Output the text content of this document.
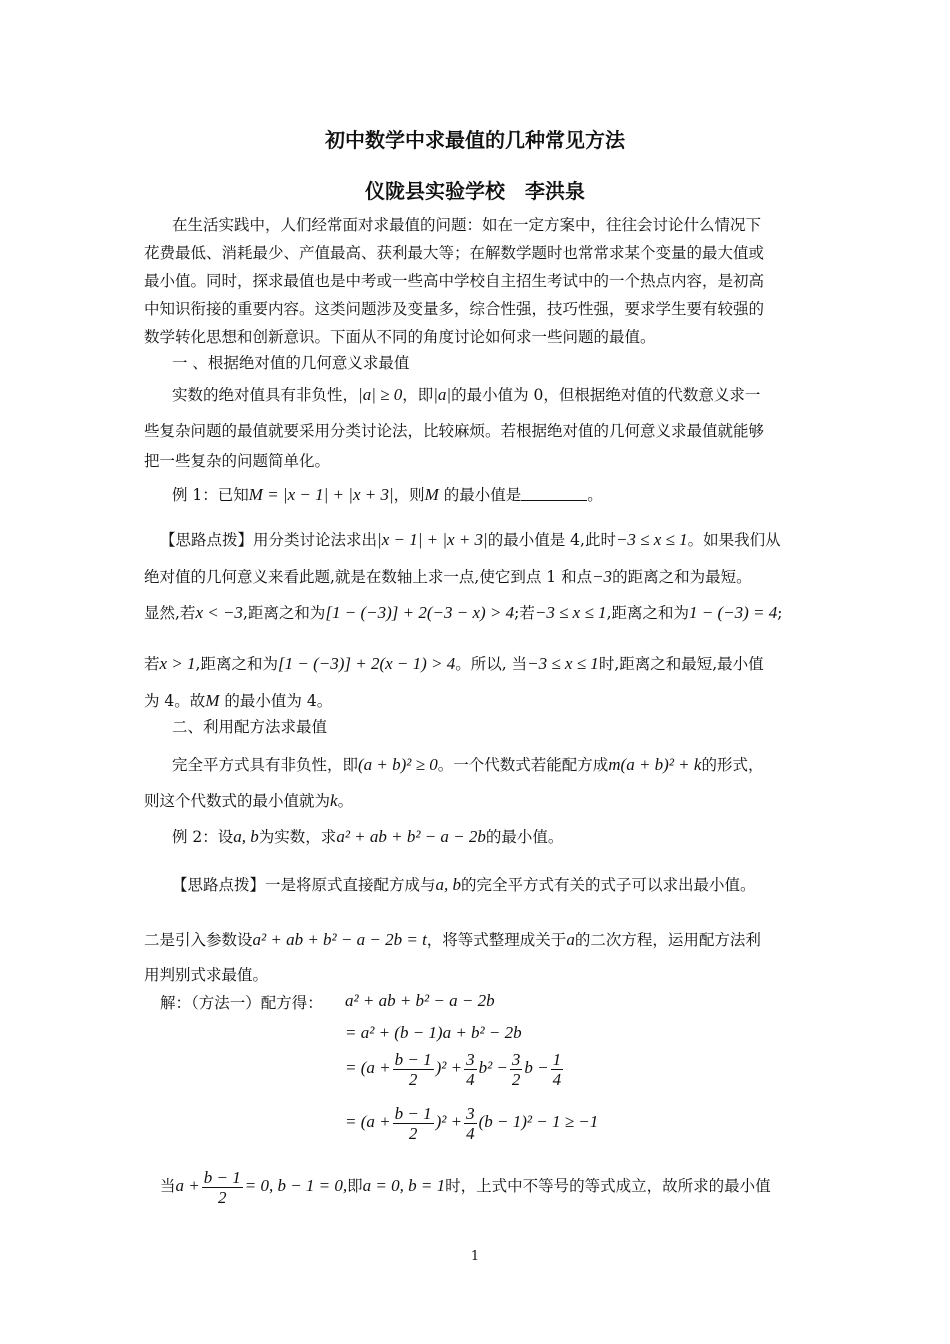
初中数学中求最值的几种常见方法
仪陇县实验学校　李洪泉
在生活实践中，人们经常面对求最值的问题：如在一定方案中，往往会讨论什么情况下
花费最低、消耗最少、产值最高、获利最大等；在解数学题时也常常求某个变量的最大值或
最小值。同时，探求最值也是中考或一些高中学校自主招生考试中的一个热点内容，是初高
中知识衔接的重要内容。这类问题涉及变量多，综合性强，技巧性强，要求学生要有较强的
数学转化思想和创新意识。下面从不同的角度讨论如何求一些问题的最值。
一 、根据绝对值的几何意义求最值
实数的绝对值具有非负性，|a| ≥ 0，即|a|的最小值为 0，但根据绝对值的代数意义求一
些复杂问题的最值就要采用分类讨论法，比较麻烦。若根据绝对值的几何意义求最值就能够
把一些复杂的问题简单化。
例 1：已知M = |x − 1| + |x + 3|，则M 的最小值是	。
【思路点拨】用分类讨论法求出|x − 1| + |x + 3|的最小值是 4,此时−3 ≤ x ≤ 1。如果我们从
绝对值的几何意义来看此题,就是在数轴上求一点,使它到点 1 和点−3的距离之和为最短。
显然,若x < −3,距离之和为[1 − (−3)] + 2(−3 − x) > 4;若−3 ≤ x ≤ 1,距离之和为1 − (−3) = 4;
若x > 1,距离之和为[1 − (−3)] + 2(x − 1) > 4。所以, 当−3 ≤ x ≤ 1时,距离之和最短,最小值
为 4。故M 的最小值为 4。
二、利用配方法求最值
完全平方式具有非负性，即(a + b)² ≥ 0。一个代数式若能配方成m(a + b)² + k的形式，
则这个代数式的最小值就为k。
例 2：设a, b为实数，求a² + ab + b² − a − 2b的最小值。
【思路点拨】一是将原式直接配方成与a, b的完全平方式有关的式子可以求出最小值。
二是引入参数设a² + ab + b² − a − 2b = t，将等式整理成关于a的二次方程，运用配方法利
用判别式求最值。
解：（方法一）配方得： a² + ab + b² − a − 2b
= a² + (b − 1)a + b² − 2b
= $(a + \frac{b - 1}{2} )^2 + \frac{3}{4} b^2 - \frac{3}{2}$ $b - \frac{1}{4}$
= $(a + \frac{b - 1}{2} )^2 + \frac{3}{4} (b - 1)^2 - 1 \ge -1$
当$a + \frac{b - 1}{2} = 0$, b − 1 = 0,即a = 0, b = 1时，上式中不等号的等式成立，故所求的最小值
1
